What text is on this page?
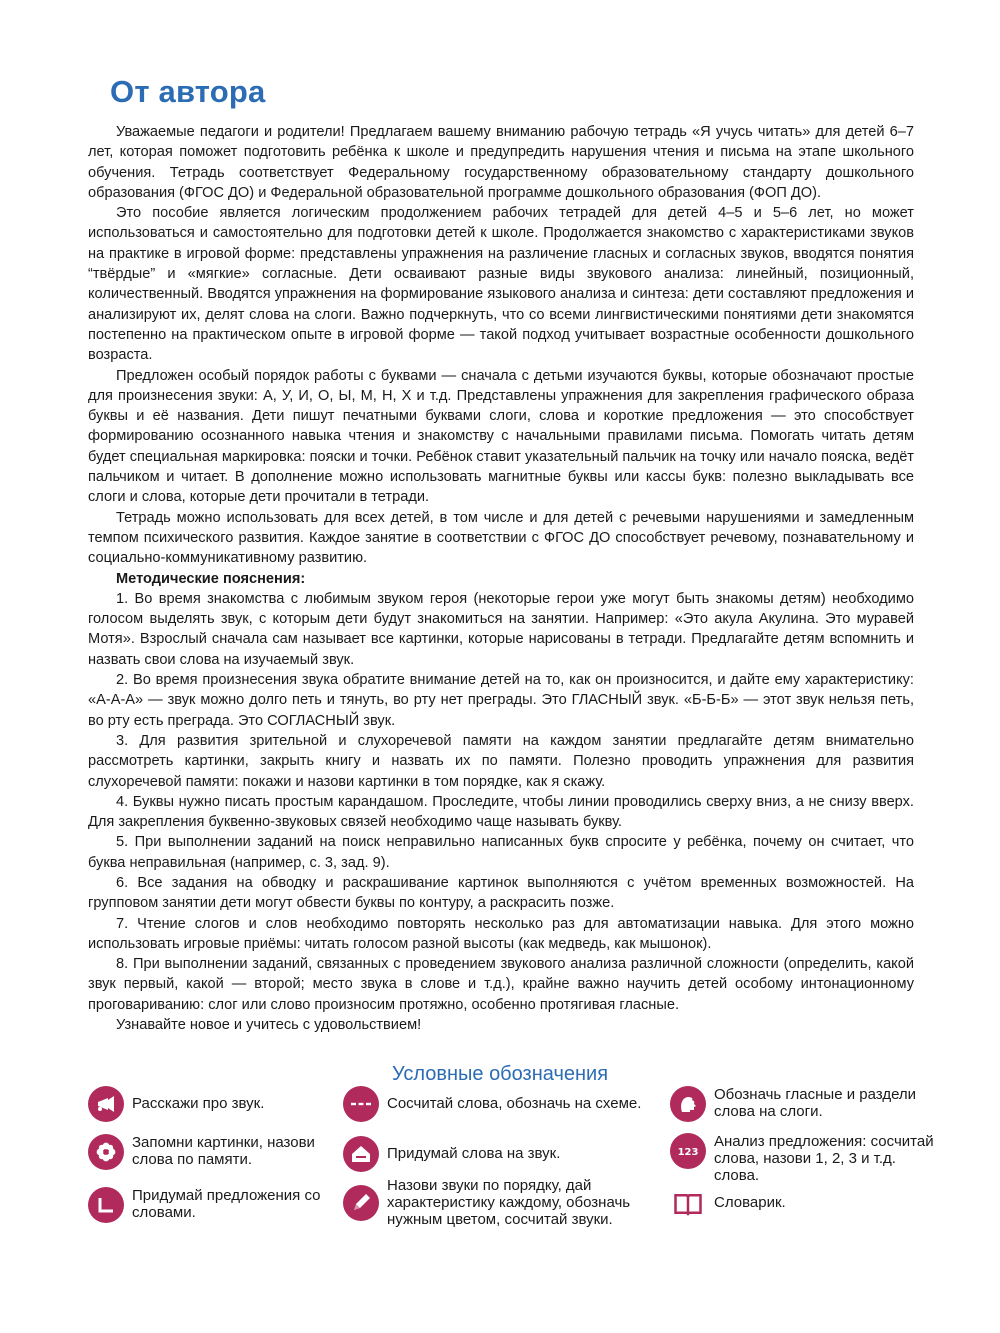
От автора

Уважаемые педагоги и родители! Предлагаем вашему вниманию рабочую тетрадь «Я учусь читать» для детей 6–7 лет, которая поможет подготовить ребёнка к школе и предупредить нарушения чтения и письма на этапе школьного обучения. Тетрадь соответствует Федеральному государственному образовательному стандарту дошкольного образования (ФГОС ДО) и Федеральной образовательной программе дошкольного образования (ФОП ДО).

Это пособие является логическим продолжением рабочих тетрадей для детей 4–5 и 5–6 лет, но может использоваться и самостоятельно для подготовки детей к школе. Продолжается знакомство с характеристиками звуков на практике в игровой форме: представлены упражнения на различение гласных и согласных звуков, вводятся понятия “твёрдые” и «мягкие» согласные. Дети осваивают разные виды звукового анализа: линейный, позиционный, количественный. Вводятся упражнения на формирование языкового анализа и синтеза: дети составляют предложения и анализируют их, делят слова на слоги. Важно подчеркнуть, что со всеми лингвистическими понятиями дети знакомятся постепенно на практическом опыте в игровой форме — такой подход учитывает возрастные особенности дошкольного возраста.

Предложен особый порядок работы с буквами — сначала с детьми изучаются буквы, которые обозначают простые для произнесения звуки: А, У, И, О, Ы, М, Н, Х и т.д. Представлены упражнения для закрепления графического образа буквы и её названия. Дети пишут печатными буквами слоги, слова и короткие предложения — это способствует формированию осознанного навыка чтения и знакомству с начальными правилами письма. Помогать читать детям будет специальная маркировка: пояски и точки. Ребёнок ставит указательный пальчик на точку или начало пояска, ведёт пальчиком и читает. В дополнение можно использовать магнитные буквы или кассы букв: полезно выкладывать все слоги и слова, которые дети прочитали в тетради.

Тетрадь можно использовать для всех детей, в том числе и для детей с речевыми нарушениями и замедленным темпом психического развития. Каждое занятие в соответствии с ФГОС ДО способствует речевому, познавательному и социально-коммуникативному развитию.

Методические пояснения:

1. Во время знакомства с любимым звуком героя (некоторые герои уже могут быть знакомы детям) необходимо голосом выделять звук, с которым дети будут знакомиться на занятии. Например: «Это акула Акулина. Это муравей Мотя». Взрослый сначала сам называет все картинки, которые нарисованы в тетради. Предлагайте детям вспомнить и назвать свои слова на изучаемый звук.

2. Во время произнесения звука обратите внимание детей на то, как он произносится, и дайте ему характеристику: «А-А-А» — звук можно долго петь и тянуть, во рту нет преграды. Это ГЛАСНЫЙ звук. «Б-Б-Б» — этот звук нельзя петь, во рту есть преграда. Это СОГЛАСНЫЙ звук.

3. Для развития зрительной и слухоречевой памяти на каждом занятии предлагайте детям внимательно рассмотреть картинки, закрыть книгу и назвать их по памяти. Полезно проводить упражнения для развития слухоречевой памяти: покажи и назови картинки в том порядке, как я скажу.

4. Буквы нужно писать простым карандашом. Проследите, чтобы линии проводились сверху вниз, а не снизу вверх. Для закрепления буквенно-звуковых связей необходимо чаще называть букву.

5. При выполнении заданий на поиск неправильно написанных букв спросите у ребёнка, почему он считает, что буква неправильная (например, с. 3, зад. 9).

6. Все задания на обводку и раскрашивание картинок выполняются с учётом временных возможностей. На групповом занятии дети могут обвести буквы по контуру, а раскрасить позже.

7. Чтение слогов и слов необходимо повторять несколько раз для автоматизации навыка. Для этого можно использовать игровые приёмы: читать голосом разной высоты (как медведь, как мышонок).

8. При выполнении заданий, связанных с проведением звукового анализа различной сложности (определить, какой звук первый, какой — второй; место звука в слове и т.д.), крайне важно научить детей особому интонационному проговариванию: слог или слово произносим протяжно, особенно протягивая гласные.

Узнавайте новое и учитесь с удовольствием!

Условные обозначения
Расскажи про звук.
Запомни картинки, назови слова по памяти.
Придумай предложения со словами.
Сосчитай слова, обозначь на схеме.
Придумай слова на звук.
Назови звуки по порядку, дай характеристику каждому, обозначь нужным цветом, сосчитай звуки.
Обозначь гласные и раздели слова на слоги.
123
Анализ предложения: сосчитай слова, назови 1, 2, 3 и т.д. слова.
Словарик.
